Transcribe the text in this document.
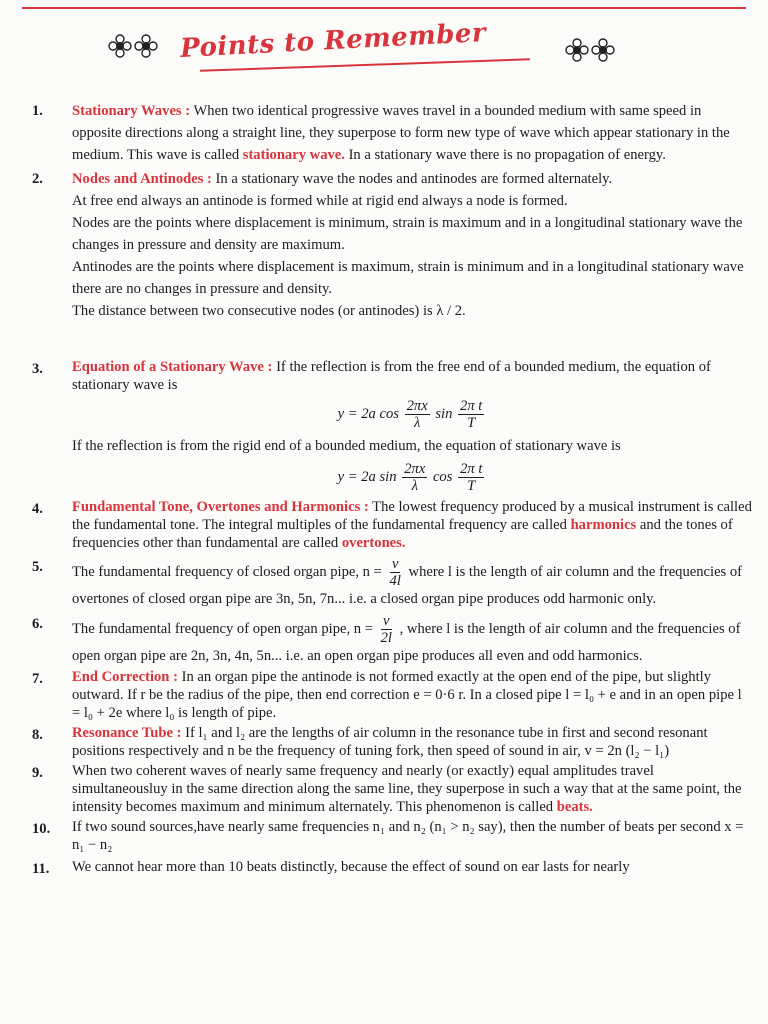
Points to Remember
1. Stationary Waves : When two identical progressive waves travel in a bounded medium with same speed in opposite directions along a straight line, they superpose to form new type of wave which appear stationary in the medium. This wave is called stationary wave. In a stationary wave there is no propagation of energy.

2. Nodes and Antinodes : In a stationary wave the nodes and antinodes are formed alternately.

At free end always an antinode is formed while at rigid end always a node is formed.

Nodes are the points where displacement is minimum, strain is maximum and in a longitudinal stationary wave the changes in pressure and density are maximum.

Antinodes are the points where displacement is maximum, strain is minimum and in a longitudinal stationary wave there are no changes in pressure and density.

The distance between two consecutive nodes (or antinodes) is λ / 2.

3. Equation of a Stationary Wave : If the reflection is from the free end of a bounded medium, the equation of stationary wave is

y = 2a $\cos \frac{2\pi x}{\lambda}$ $\sin \frac{\text{2π t}}{T}$

If the reflection is from the rigid end of a bounded medium, the equation of stationary wave is

y = 2a $\sin \frac{2\pi x}{\lambda}$ $\cos \frac{\text{2π t}}{T}$
4. Fundamental Tone, Overtones and Harmonics : The lowest frequency produced by a musical instrument is called the fundamental tone. The integral multiples of the fundamental frequency are called harmonics and the tones of frequencies other than fundamental are called overtones.

5. The fundamental frequency of closed organ pipe, $n = \frac{v}{4l}$ where l is the length of air column and the frequencies of overtones of closed organ pipe are 3n, 5n, 7n... i.e. a closed organ pipe produces odd harmonic only.

6. The fundamental frequency of open organ pipe, $n = \frac{v}{2l}$ , where l is the length of air column and the frequencies of open organ pipe are 2n, 3n, 4n, 5n... i.e. an open organ pipe produces all even and odd harmonics.

7. End Correction : In an organ pipe the antinode is not formed exactly at the open end of the pipe, but slightly outward. If r be the radius of the pipe, then end correction e = 0·6 r. In a closed pipe l = l₀ + e and in an open pipe l = l₀ + 2e where l₀ is length of pipe.

8. Resonance Tube : If l₁ and l₂ are the lengths of air column in the resonance tube in first and second resonant positions respectively and n be the frequency of tuning fork, then speed of sound in air, v = 2n (l₂ − l₁)

9. When two coherent waves of nearly same frequency and nearly (or exactly) equal amplitudes travel simultaneousluy in the same direction along the same line, they superpose in such a way that at the same point, the intensity becomes maximum and minimum alternately. This phenomenon is called beats.

10. If two sound sources,have nearly same frequencies n₁ and n₂ (n₁ > n₂ say), then the number of beats per second x = n₁ − n₂

11. We cannot hear more than 10 beats distinctly, because the effect of sound on ear lasts for nearly
